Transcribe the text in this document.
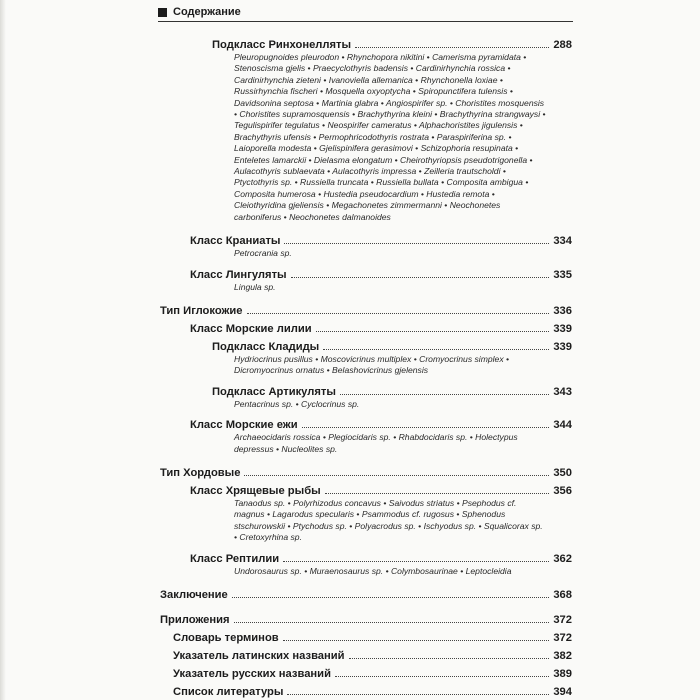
Содержание
Подкласс Ринхонелляты	288
Pleuropugnoides pleurodon • Rhynchopora nikitini • Camerisma pyramidata • Stenoscisma gjelis • Praecyclothyris badensis • Cardinirhynchia rossica • Cardinirhynchia zieteni • Ivanoviella allemanica • Rhynchonella loxiae • Russirhynchia fischeri • Mosquella oxyoptycha • Spiropunctifera tulensis • Davidsonina septosa • Martinia glabra • Angiospirifer sp. • Choristites mosquensis • Choristites supramosquensis • Brachythyrina kleini • Brachythyrina strangwaysi • Tegulispirifer tegulatus • Neospirifer cameratus • Alphachoristites jigulensis • Brachythyris ufensis • Permophricodothyris rostrata • Paraspiriferina sp. • Laioporella modesta • Gjelispinifera gerasimovi • Schizophoria resupinata • Enteletes lamarckii • Dielasma elongatum • Cheirothyriopsis pseudotrigonella • Aulacothyris sublaevata • Aulacothyris impressa • Zeilleria trautscholdi • Ptyctothyris sp. • Russiella truncata • Russiella bullata • Composita ambigua • Composita humerosa • Hustedia pseudocardium • Hustedia remota • Cleiothyridina gjeliensis • Megachonetes zimmermanni • Neochonetes carboniferus • Neochonetes dalmanoides
Класс Краниаты	334
Petrocrania sp.
Класс Лингуляты	335
Lingula sp.
Тип Иглокожие	336
Класс Морские лилии	339
Подкласс Кладиды	339
Hydriocrinus pusillus • Moscovicrinus multiplex • Cromyocrinus simplex • Dicromyocrinus ornatus • Belashovicrinus gjelensis
Подкласс Артикуляты	343
Pentacrinus sp. • Cyclocrinus sp.
Класс Морские ежи	344
Archaeocidaris rossica • Plegiocidaris sp. • Rhabdocidaris sp. • Holectypus depressus • Nucleolites sp.
Тип Хордовые	350
Класс Хрящевые рыбы	356
Tanaodus sp. • Polyrhizodus concavus • Saivodus striatus • Psephodus cf. magnus • Lagarodus specularis • Psammodus cf. rugosus • Sphenodus stschurowskii • Ptychodus sp. • Polyacrodus sp. • Ischyodus sp. • Squalicorax sp. • Cretoxyrhina sp.
Класс Рептилии	362
Undorosaurus sp. • Muraenosaurus sp. • Colymbosaurinae • Leptocleidia
Заключение	368
Приложения	372
Словарь терминов	372
Указатель латинских названий	382
Указатель русских названий	389
Список литературы	394
